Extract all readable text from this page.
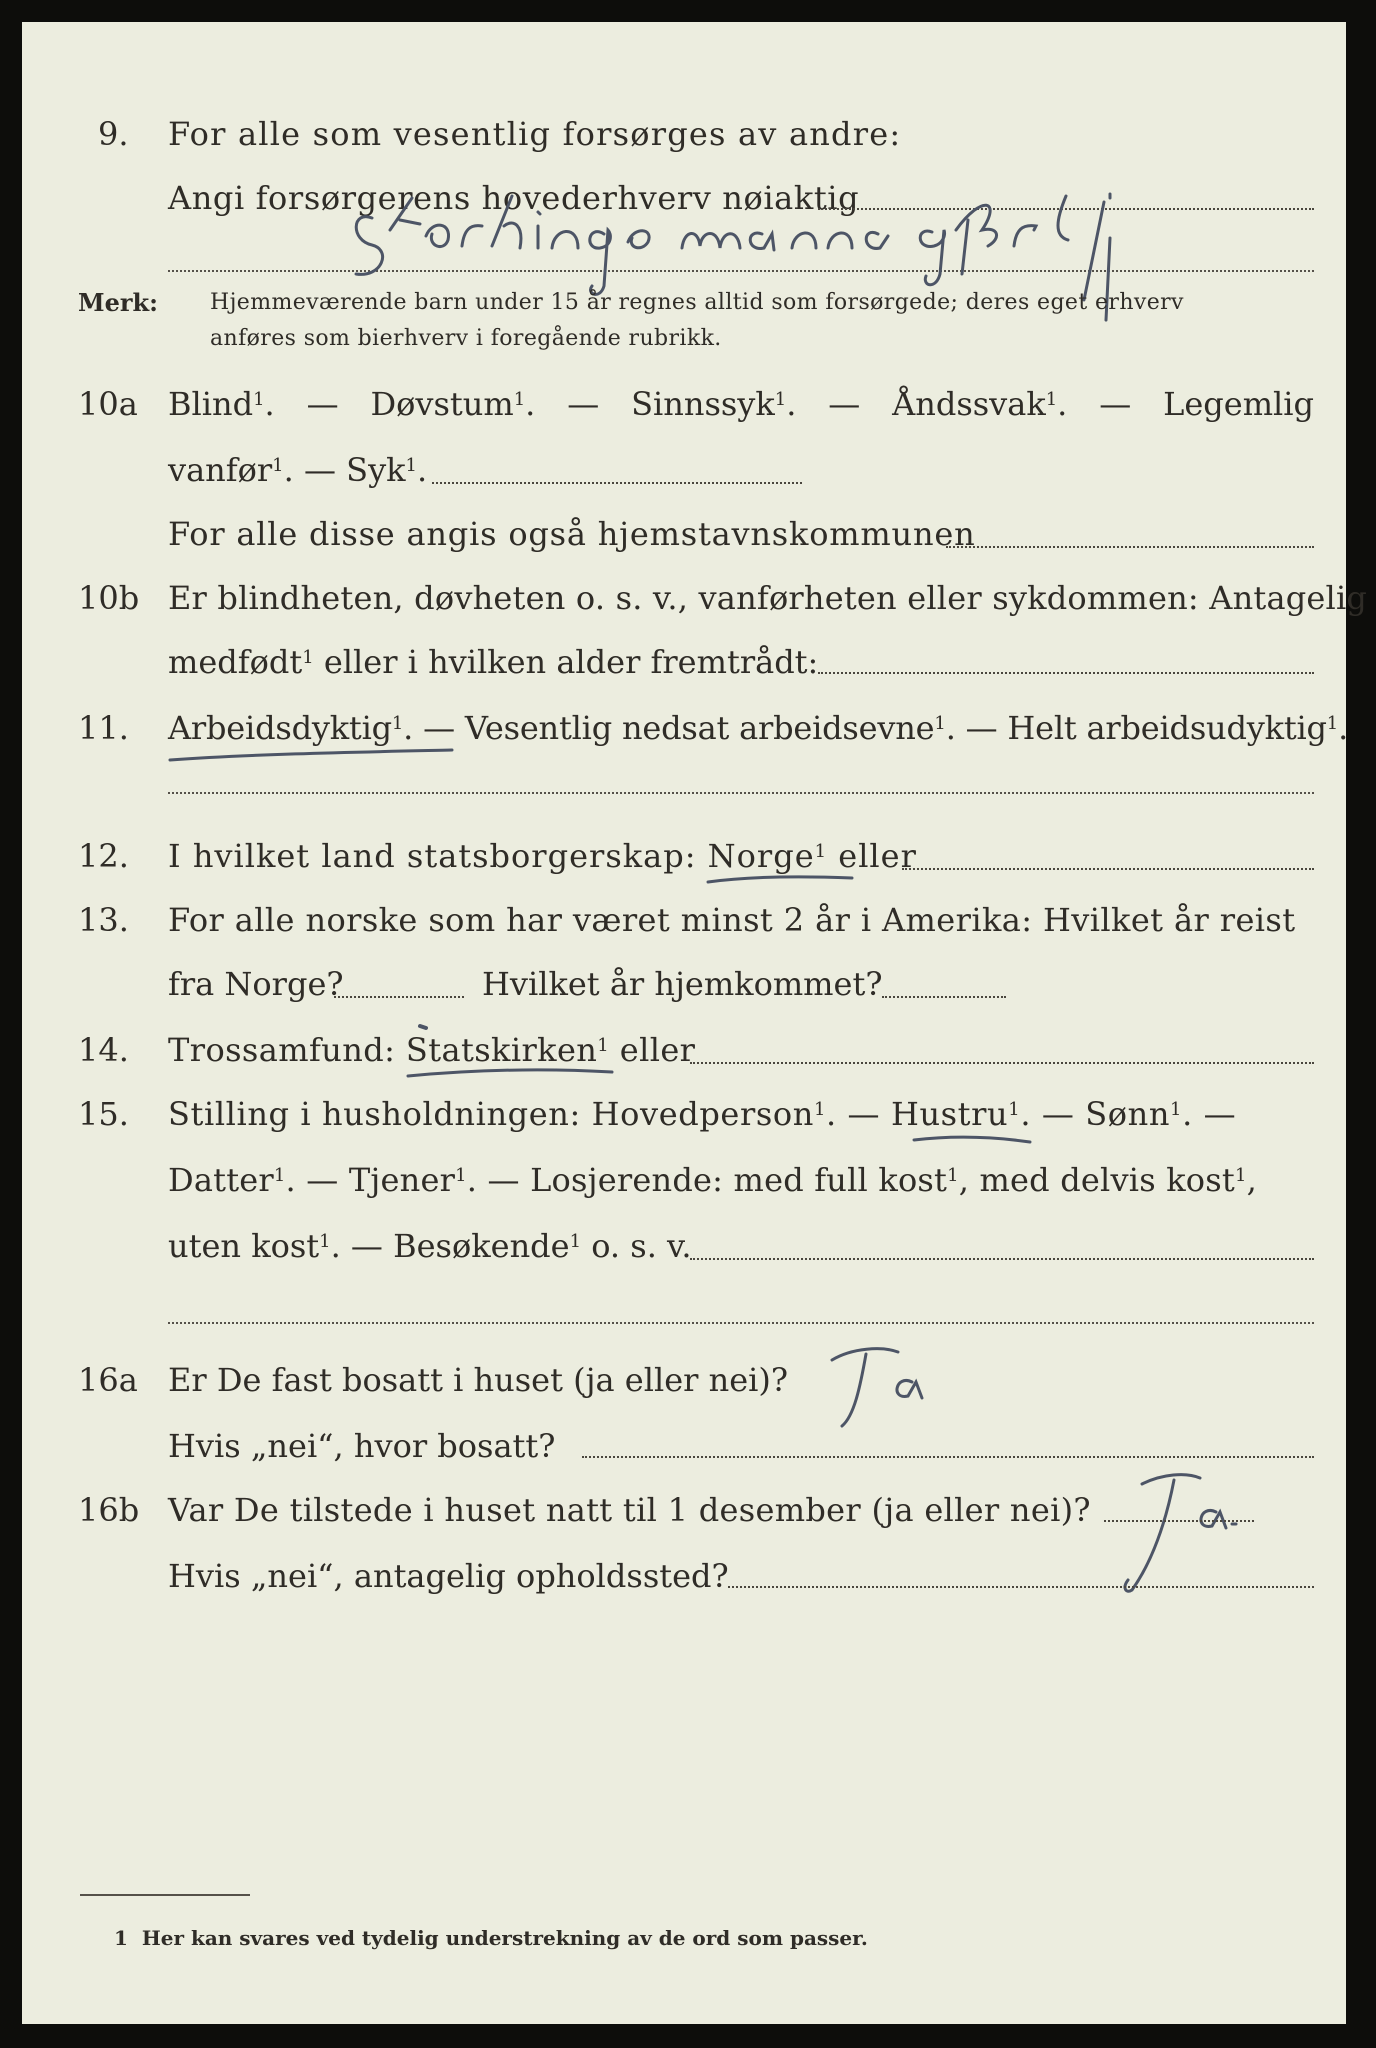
9. For alle som vesentlig forsørges av andre:
Angi forsørgerens hovederhverv nøiaktig
Merk: Hjemmeværende barn under 15 år regnes alltid som forsørgede; deres eget erhverv
anføres som bierhverv i foregående rubrikk.
10a Blind$^1$. — Døvstum$^1$. — Sinnssyk$^1$. — Åndssvak$^1$. — Legemlig
vanfør$^1$. — Syk$^1$.
For alle disse angis også hjemstavnskommunen
10b Er blindheten, døvheten o. s. v., vanførheten eller sykdommen: Antagelig
medfødt$^1$ eller i hvilken alder fremtrådt:
11. Arbeidsdyktig$^1$. — Vesentlig nedsat arbeidsevne$^1$. — Helt arbeidsudyktig$^1$.
12. I hvilket land statsborgerskap: Norge$^1$ eller
13. For alle norske som har været minst 2 år i Amerika: Hvilket år reist
fra Norge?	Hvilket år hjemkommet?
14. Trossamfund: Statskirken$^1$ eller
15. Stilling i husholdningen: Hovedperson$^1$. — Hustru$^1$. — Sønn$^1$. —
Datter$^1$. — Tjener$^1$. — Losjerende: med full kost$^1$, med delvis kost$^1$,
uten kost$^1$. — Besøkende$^1$ o. s. v.
16a Er De fast bosatt i huset (ja eller nei)?
Hvis „nei“, hvor bosatt?
16b Var De tilstede i huset natt til 1 desember (ja eller nei)?
Hvis „nei“, antagelig opholdssted?
1 Her kan svares ved tydelig understrekning av de ord som passer.
